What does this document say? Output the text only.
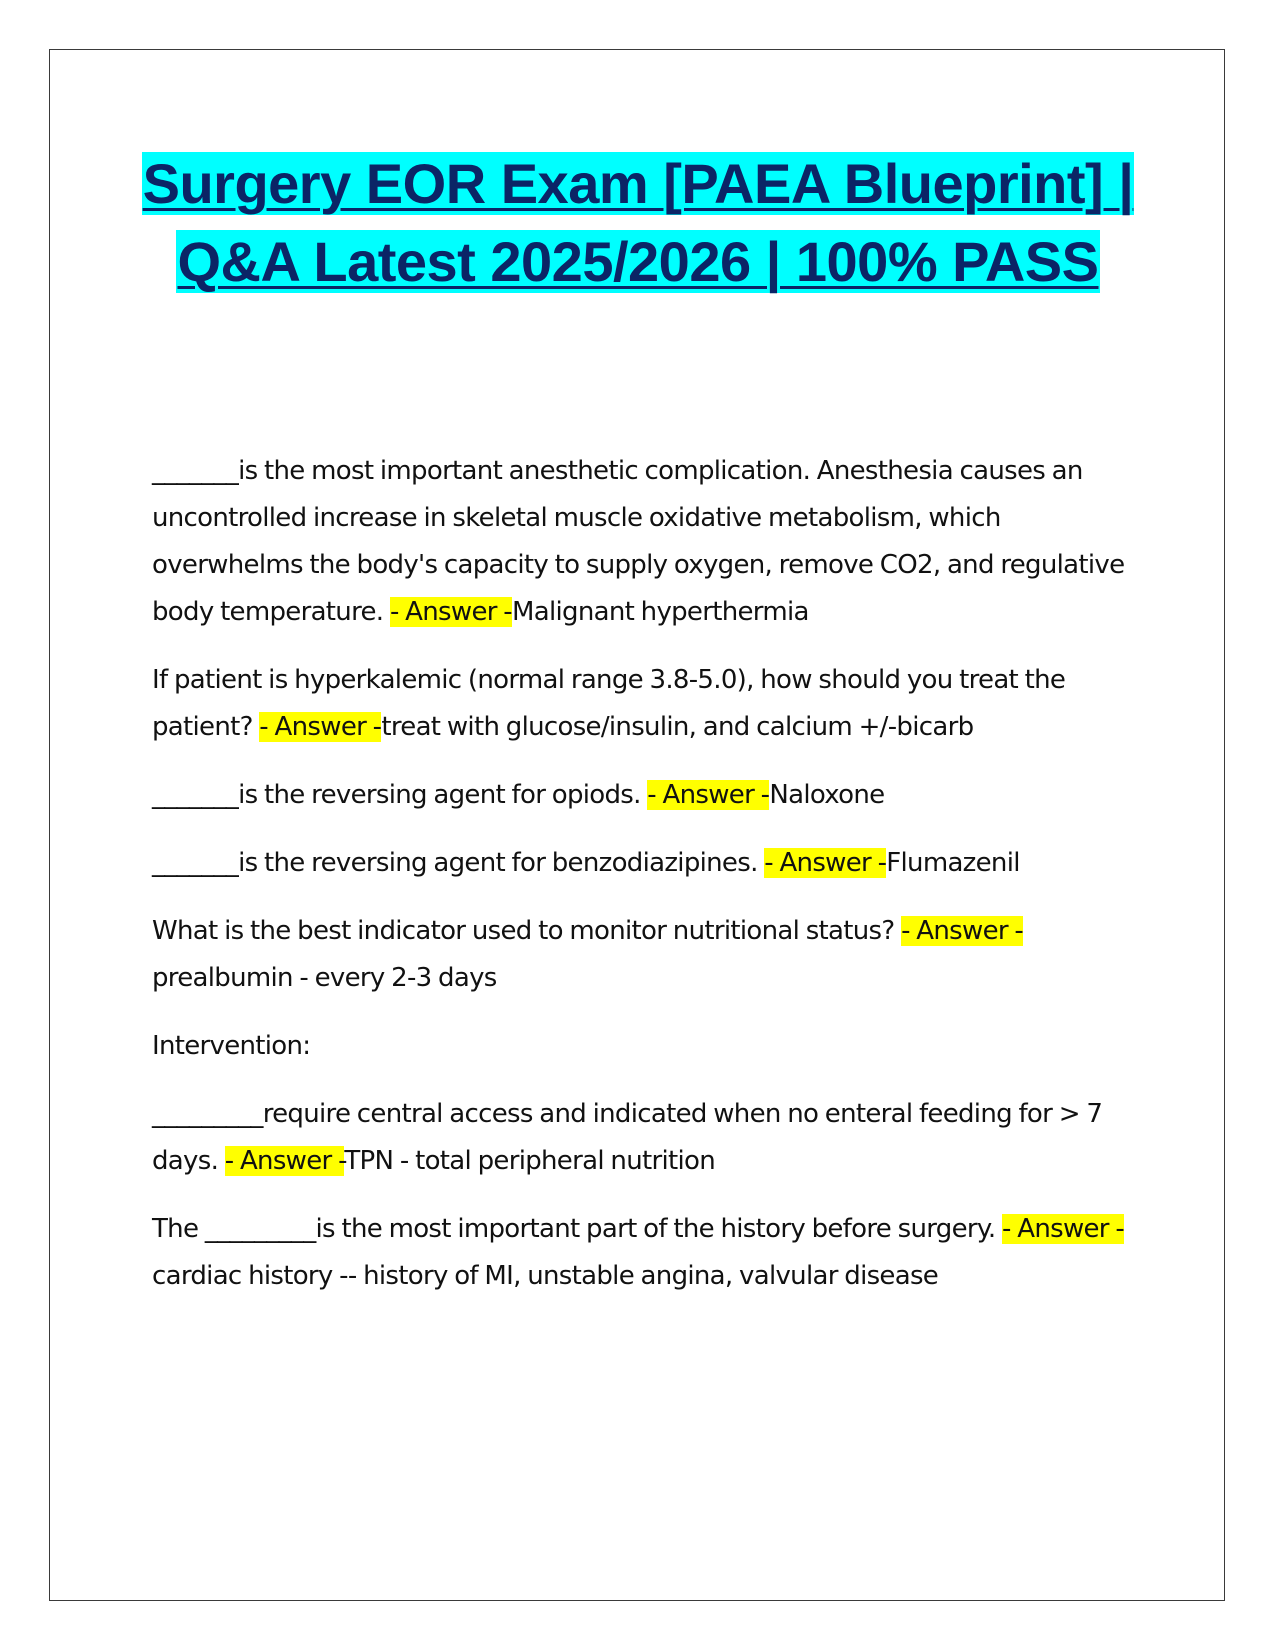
Surgery EOR Exam [PAEA Blueprint] | Q&A Latest 2025/2026 | 100% PASS

_______is the most important anesthetic complication. Anesthesia causes an uncontrolled increase in skeletal muscle oxidative metabolism, which overwhelms the body's capacity to supply oxygen, remove CO2, and regulative body temperature. - Answer -Malignant hyperthermia

If patient is hyperkalemic (normal range 3.8-5.0), how should you treat the patient? - Answer -treat with glucose/insulin, and calcium +/-bicarb

_______is the reversing agent for opiods. - Answer -Naloxone

_______is the reversing agent for benzodiazipines. - Answer -Flumazenil

What is the best indicator used to monitor nutritional status? - Answer -prealbumin - every 2-3 days

Intervention:

_________require central access and indicated when no enteral feeding for > 7 days. - Answer -TPN - total peripheral nutrition

The _________is the most important part of the history before surgery. - Answer -cardiac history -- history of MI, unstable angina, valvular disease
